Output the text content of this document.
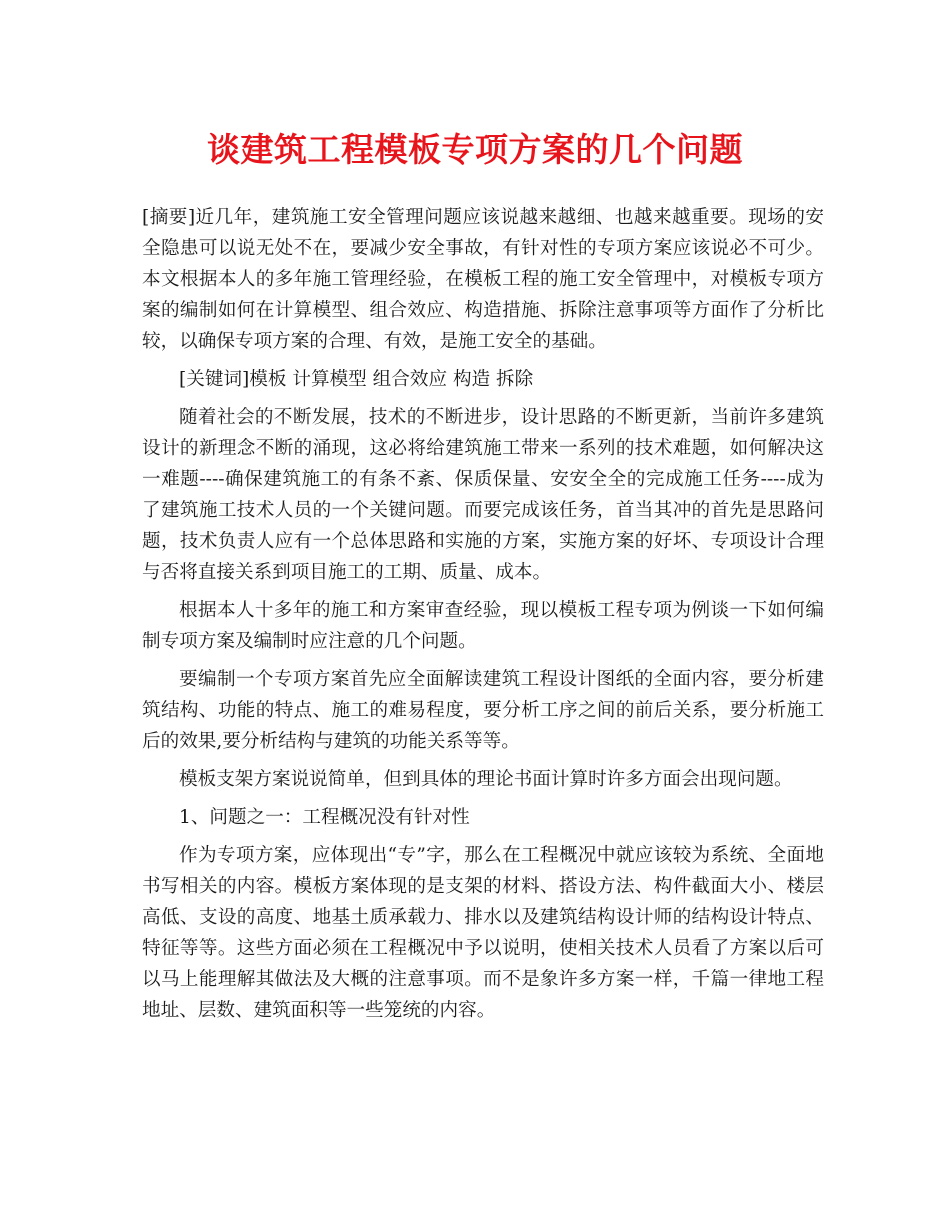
谈建筑工程模板专项方案的几个问题

[摘要]近几年，建筑施工安全管理问题应该说越来越细、也越来越重要。现场的安全隐患可以说无处不在，要减少安全事故，有针对性的专项方案应该说必不可少。本文根据本人的多年施工管理经验，在模板工程的施工安全管理中，对模板专项方案的编制如何在计算模型、组合效应、构造措施、拆除注意事项等方面作了分析比较，以确保专项方案的合理、有效，是施工安全的基础。

[关键词]模板 计算模型 组合效应 构造 拆除

随着社会的不断发展，技术的不断进步，设计思路的不断更新，当前许多建筑设计的新理念不断的涌现，这必将给建筑施工带来一系列的技术难题，如何解决这一难题----确保建筑施工的有条不紊、保质保量、安安全全的完成施工任务----成为了建筑施工技术人员的一个关键问题。而要完成该任务，首当其冲的首先是思路问题，技术负责人应有一个总体思路和实施的方案，实施方案的好坏、专项设计合理与否将直接关系到项目施工的工期、质量、成本。

根据本人十多年的施工和方案审查经验，现以模板工程专项为例谈一下如何编制专项方案及编制时应注意的几个问题。

要编制一个专项方案首先应全面解读建筑工程设计图纸的全面内容，要分析建筑结构、功能的特点、施工的难易程度，要分析工序之间的前后关系，要分析施工后的效果,要分析结构与建筑的功能关系等等。

模板支架方案说说简单，但到具体的理论书面计算时许多方面会出现问题。

1、问题之一：工程概况没有针对性

作为专项方案，应体现出“专”字，那么在工程概况中就应该较为系统、全面地书写相关的内容。模板方案体现的是支架的材料、搭设方法、构件截面大小、楼层高低、支设的高度、地基土质承载力、排水以及建筑结构设计师的结构设计特点、特征等等。这些方面必须在工程概况中予以说明，使相关技术人员看了方案以后可以马上能理解其做法及大概的注意事项。而不是象许多方案一样，千篇一律地工程地址、层数、建筑面积等一些笼统的内容。
